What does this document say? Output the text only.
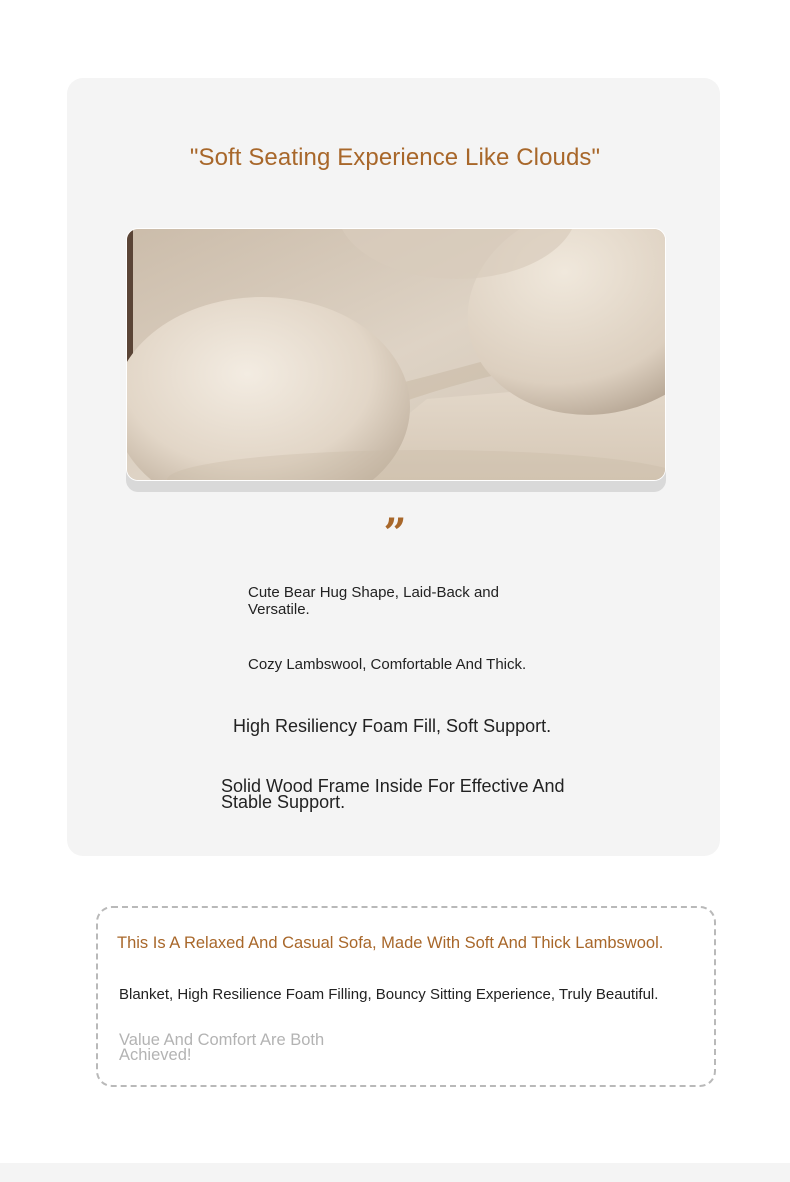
"Soft Seating Experience Like Clouds"
”

Cute Bear Hug Shape, Laid-Back and Versatile.

Cozy Lambswool, Comfortable And Thick.

High Resiliency Foam Fill, Soft Support.

Solid Wood Frame Inside For Effective And Stable Support.

This Is A Relaxed And Casual Sofa, Made With Soft And Thick Lambswool.

Blanket, High Resilience Foam Filling, Bouncy Sitting Experience, Truly Beautiful.

Value And Comfort Are Both Achieved!
